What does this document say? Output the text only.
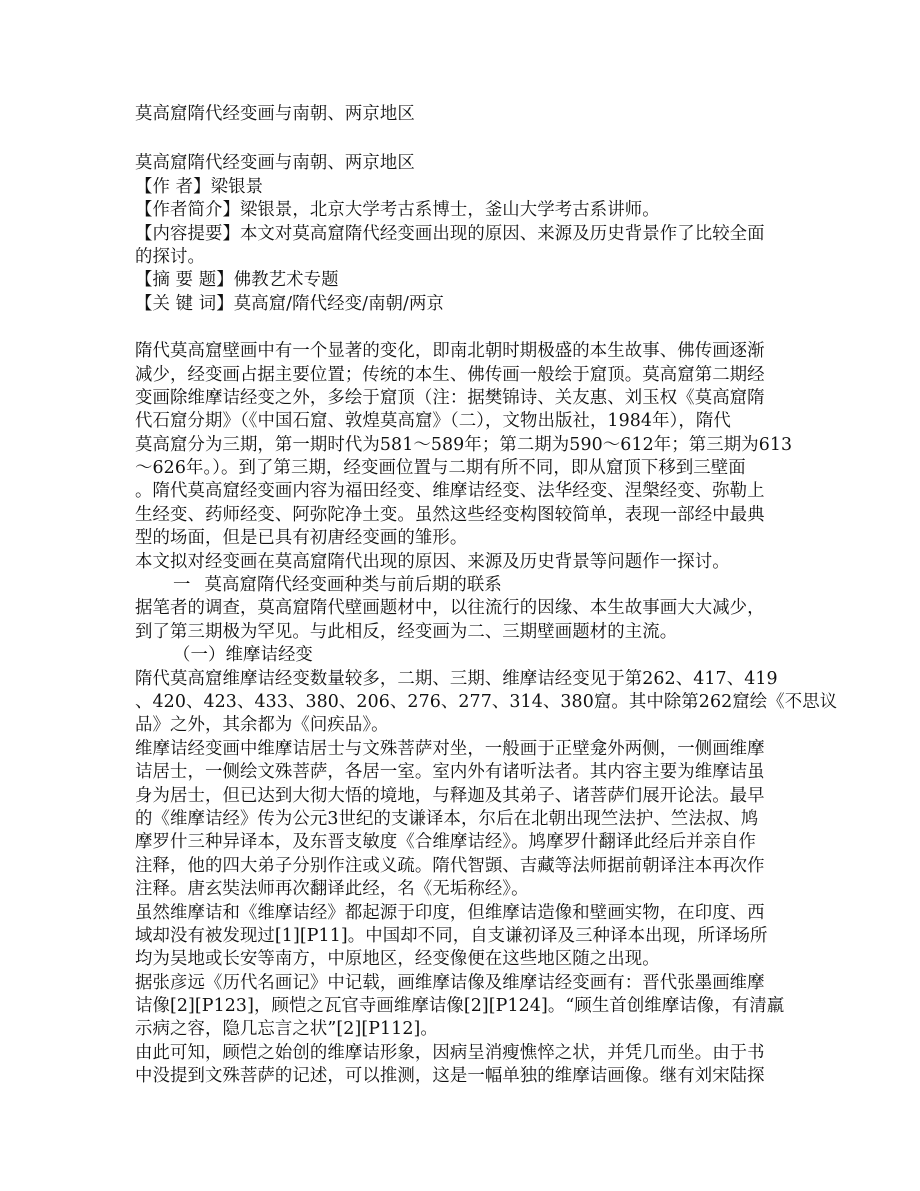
莫高窟隋代经变画与南朝、两京地区
莫高窟隋代经变画与南朝、两京地区
【作 者】梁银景
【作者简介】梁银景，北京大学考古系博士，釜山大学考古系讲师。
【内容提要】本文对莫高窟隋代经变画出现的原因、来源及历史背景作了比较全面
的探讨。
【摘 要 题】佛教艺术专题
【关 键 词】莫高窟/隋代经变/南朝/两京
隋代莫高窟壁画中有一个显著的变化，即南北朝时期极盛的本生故事、佛传画逐渐
减少，经变画占据主要位置；传统的本生、佛传画一般绘于窟顶。莫高窟第二期经
变画除维摩诘经变之外，多绘于窟顶（注：据樊锦诗、关友惠、刘玉权《莫高窟隋
代石窟分期》（《中国石窟、敦煌莫高窟》（二），文物出版社，1984年），隋代
莫高窟分为三期，第一期时代为581～589年；第二期为590～612年；第三期为613
～626年。）。到了第三期，经变画位置与二期有所不同，即从窟顶下移到三壁面
。隋代莫高窟经变画内容为福田经变、维摩诘经变、法华经变、涅槃经变、弥勒上
生经变、药师经变、阿弥陀净土变。虽然这些经变构图较简单，表现一部经中最典
型的场面，但是已具有初唐经变画的雏形。
本文拟对经变画在莫高窟隋代出现的原因、来源及历史背景等问题作一探讨。
一 莫高窟隋代经变画种类与前后期的联系
据笔者的调查，莫高窟隋代壁画题材中，以往流行的因缘、本生故事画大大减少，
到了第三期极为罕见。与此相反，经变画为二、三期壁画题材的主流。
（一）维摩诘经变
隋代莫高窟维摩诘经变数量较多，二期、三期、维摩诘经变见于第262、417、419
、420、423、433、380、206、276、277、314、380窟。其中除第262窟绘《不思议
品》之外，其余都为《问疾品》。
维摩诘经变画中维摩诘居士与文殊菩萨对坐，一般画于正壁龛外两侧，一侧画维摩
诘居士，一侧绘文殊菩萨，各居一室。室内外有诸听法者。其内容主要为维摩诘虽
身为居士，但已达到大彻大悟的境地，与释迦及其弟子、诸菩萨们展开论法。最早
的《维摩诘经》传为公元3世纪的支谦译本，尔后在北朝出现竺法护、竺法叔、鸠
摩罗什三种异译本，及东晋支敏度《合维摩诘经》。鸠摩罗什翻译此经后并亲自作
注释，他的四大弟子分别作注或义疏。隋代智顗、吉藏等法师据前朝译注本再次作
注释。唐玄奘法师再次翻译此经，名《无垢称经》。
虽然维摩诘和《维摩诘经》都起源于印度，但维摩诘造像和壁画实物，在印度、西
域却没有被发现过[1][P11]。中国却不同，自支谦初译及三种译本出现，所译场所
均为吴地或长安等南方，中原地区，经变像便在这些地区随之出现。
据张彦远《历代名画记》中记载，画维摩诘像及维摩诘经变画有：晋代张墨画维摩
诘像[2][P123]，顾恺之瓦官寺画维摩诘像[2][P124]。“顾生首创维摩诘像，有清羸
示病之容，隐几忘言之状”[2][P112]。
由此可知，顾恺之始创的维摩诘形象，因病呈消瘦憔悴之状，并凭几而坐。由于书
中没提到文殊菩萨的记述，可以推测，这是一幅单独的维摩诘画像。继有刘宋陆探
